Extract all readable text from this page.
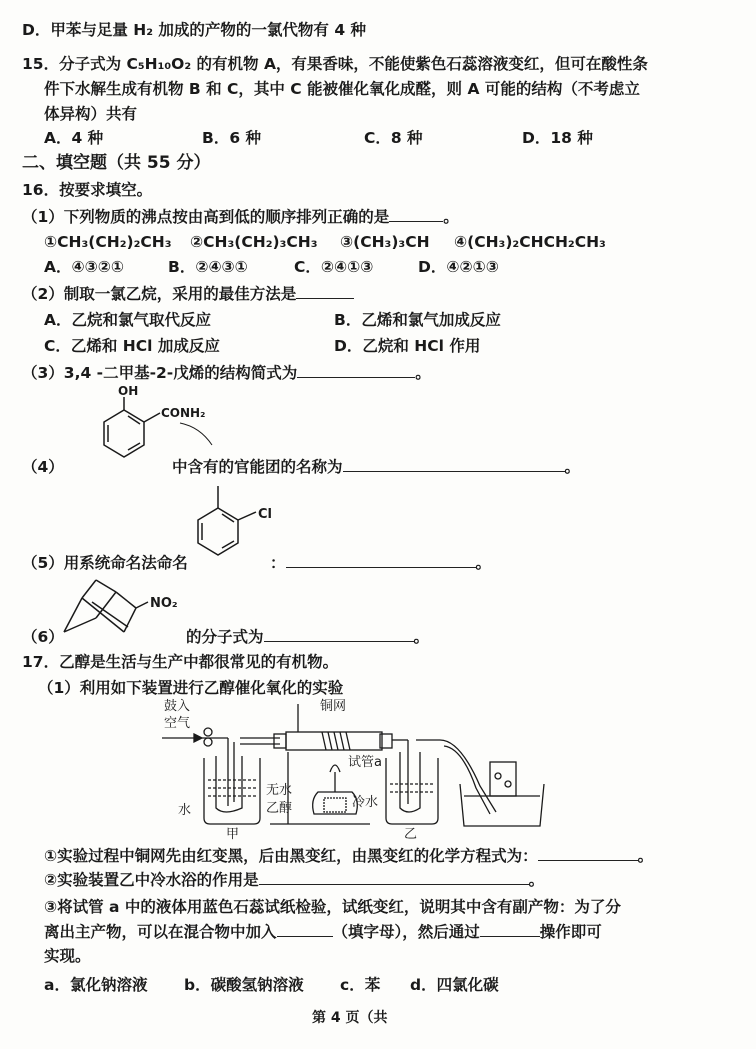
D．甲苯与足量 H₂ 加成的产物的一氯代物有 4 种
15．分子式为 C₅H₁₀O₂ 的有机物 A，有果香味，不能使紫色石蕊溶液变红，但可在酸性条
件下水解生成有机物 B 和 C，其中 C 能被催化氧化成醛，则 A 可能的结构（不考虑立
体异构）共有
A．4 种	B．6 种	C．8 种	D．18 种
二、填空题（共 55 分）
16．按要求填空。
（1）下列物质的沸点按由高到低的顺序排列正确的是	。
①CH₃(CH₂)₂CH₃ ②CH₃(CH₂)₃CH₃ ③(CH₃)₃CH ④(CH₃)₂CHCH₂CH₃
A．④③②①	B．②④③①	C．②④①③	D．④②①③
（2）制取一氯乙烷，采用的最佳方法是
A．乙烷和氯气取代反应	B．乙烯和氯气加成反应
C．乙烯和 HCl 加成反应	D．乙烷和 HCl 作用
（3）3,4 -二甲基-2-戊烯的结构简式为	。
OH
CONH₂
（4）	中含有的官能团的名称为	。
Cl
（5）用系统命名法命名	：	。
NO₂
（6）	的分子式为	。
17．乙醇是生活与生产中都很常见的有机物。
（1）利用如下装置进行乙醇催化氧化的实验
鼓入
空气
铜网
试管a
水
无水
乙醇	冷水
甲	乙
①实验过程中铜网先由红变黑，后由黑变红，由黑变红的化学方程式为：	。
②实验装置乙中冷水浴的作用是	。
③将试管 a 中的液体用蓝色石蕊试纸检验，试纸变红，说明其中含有副产物：为了分
离出主产物，可以在混合物中加入	（填字母），然后通过	操作即可
实现。
a．氯化钠溶液 b．碳酸氢钠溶液 c．苯 d．四氯化碳
第 4 页（共
